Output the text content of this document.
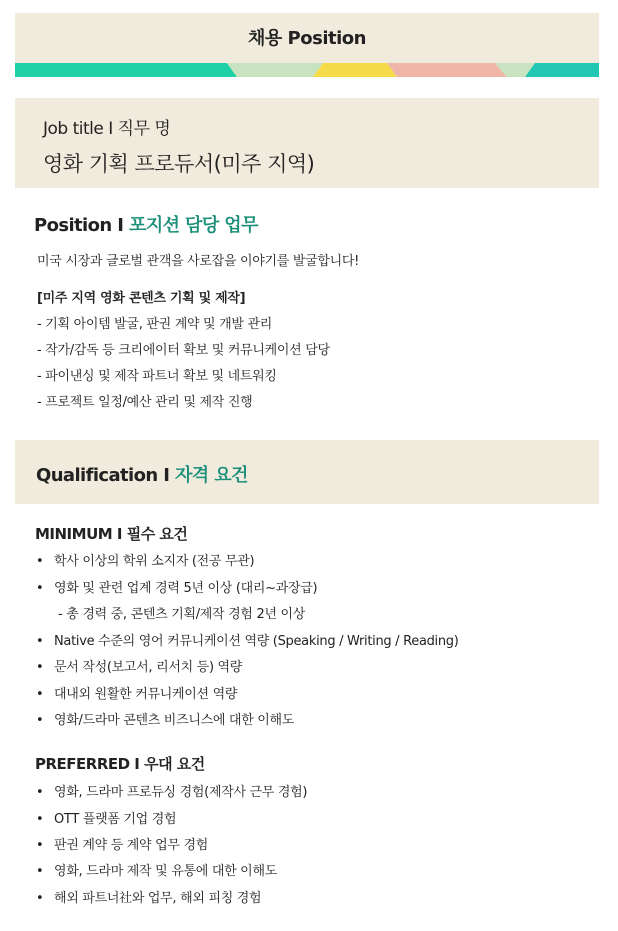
채용 Position
Job title I 직무 명
영화 기획 프로듀서(미주 지역)
Position I 포지션 담당 업무
미국 시장과 글로벌 관객을 사로잡을 이야기를 발굴합니다!
[미주 지역 영화 콘텐츠 기획 및 제작]
- 기획 아이템 발굴, 판권 계약 및 개발 관리
- 작가/감독 등 크리에이터 확보 및 커뮤니케이션 담당
- 파이낸싱 및 제작 파트너 확보 및 네트워킹
- 프로젝트 일정/예산 관리 및 제작 진행
Qualification I 자격 요건
MINIMUM I 필수 요건
• 학사 이상의 학위 소지자 (전공 무관)
• 영화 및 관련 업계 경력 5년 이상 (대리~과장급)
- 총 경력 중, 콘텐츠 기획/제작 경험 2년 이상
• Native 수준의 영어 커뮤니케이션 역량 (Speaking / Writing / Reading)
• 문서 작성(보고서, 리서치 등) 역량
• 대내외 원활한 커뮤니케이션 역량
• 영화/드라마 콘텐츠 비즈니스에 대한 이해도
PREFERRED I 우대 요건
• 영화, 드라마 프로듀싱 경험(제작사 근무 경험)
• OTT 플랫폼 기업 경험
• 판권 계약 등 계약 업무 경험
• 영화, 드라마 제작 및 유통에 대한 이해도
• 해외 파트너社와 업무, 해외 피칭 경험
